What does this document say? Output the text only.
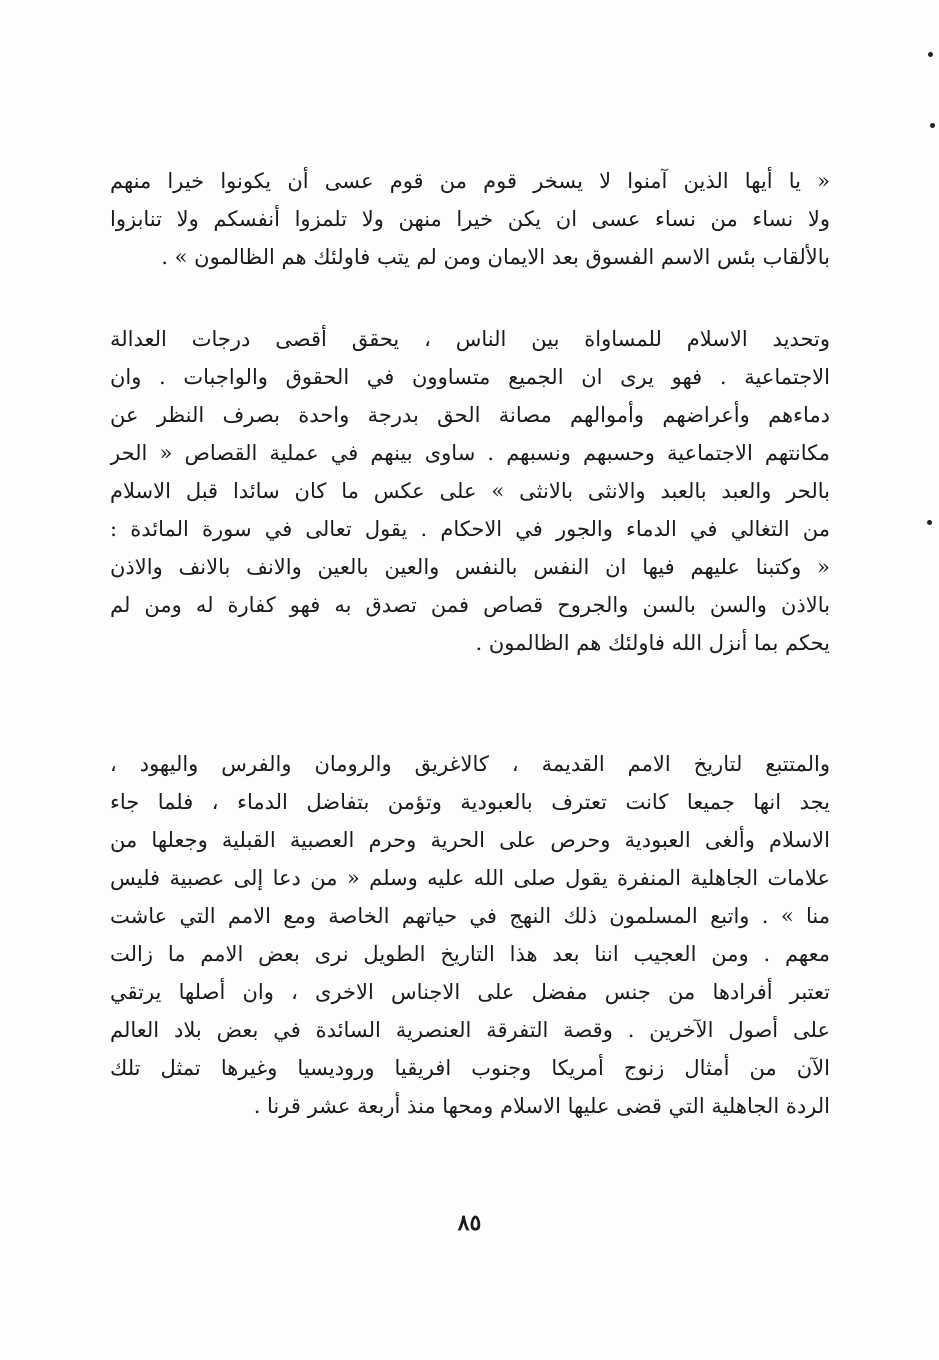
« يا أيها الذين آمنوا لا يسخر قوم من قوم عسى أن يكونوا خيرا منهم
ولا نساء من نساء عسى ان يكن خيرا منهن ولا تلمزوا أنفسكم ولا تنابزوا
بالألقاب بئس الاسم الفسوق بعد الايمان ومن لم يتب فاولئك هم الظالمون » .
وتحديد الاسلام للمساواة بين الناس ، يحقق أقصى درجات العدالة
الاجتماعية . فهو يرى ان الجميع متساوون في الحقوق والواجبات . وان
دماءهم وأعراضهم وأموالهم مصانة الحق بدرجة واحدة بصرف النظر عن
مكانتهم الاجتماعية وحسبهم ونسبهم . ساوى بينهم في عملية القصاص « الحر
بالحر والعبد بالعبد والانثى بالانثى » على عكس ما كان سائدا قبل الاسلام
من التغالي في الدماء والجور في الاحكام . يقول تعالى في سورة المائدة :
« وكتبنا عليهم فيها ان النفس بالنفس والعين بالعين والانف بالانف والاذن
بالاذن والسن بالسن والجروح قصاص فمن تصدق به فهو كفارة له ومن لم
يحكم بما أنزل الله فاولئك هم الظالمون .
والمتتبع لتاريخ الامم القديمة ، كالاغريق والرومان والفرس واليهود ،
يجد انها جميعا كانت تعترف بالعبودية وتؤمن بتفاضل الدماء ، فلما جاء
الاسلام وألغى العبودية وحرص على الحرية وحرم العصبية القبلية وجعلها من
علامات الجاهلية المنفرة يقول صلى الله عليه وسلم « من دعا إلى عصبية فليس
منا » . واتبع المسلمون ذلك النهج في حياتهم الخاصة ومع الامم التي عاشت
معهم . ومن العجيب اننا بعد هذا التاريخ الطويل نرى بعض الامم ما زالت
تعتبر أفرادها من جنس مفضل على الاجناس الاخرى ، وان أصلها يرتقي
على أصول الآخرين . وقصة التفرقة العنصرية السائدة في بعض بلاد العالم
الآن من أمثال زنوج أمريكا وجنوب افريقيا وروديسيا وغيرها تمثل تلك
الردة الجاهلية التي قضى عليها الاسلام ومحها منذ أربعة عشر قرنا .
٨٥
